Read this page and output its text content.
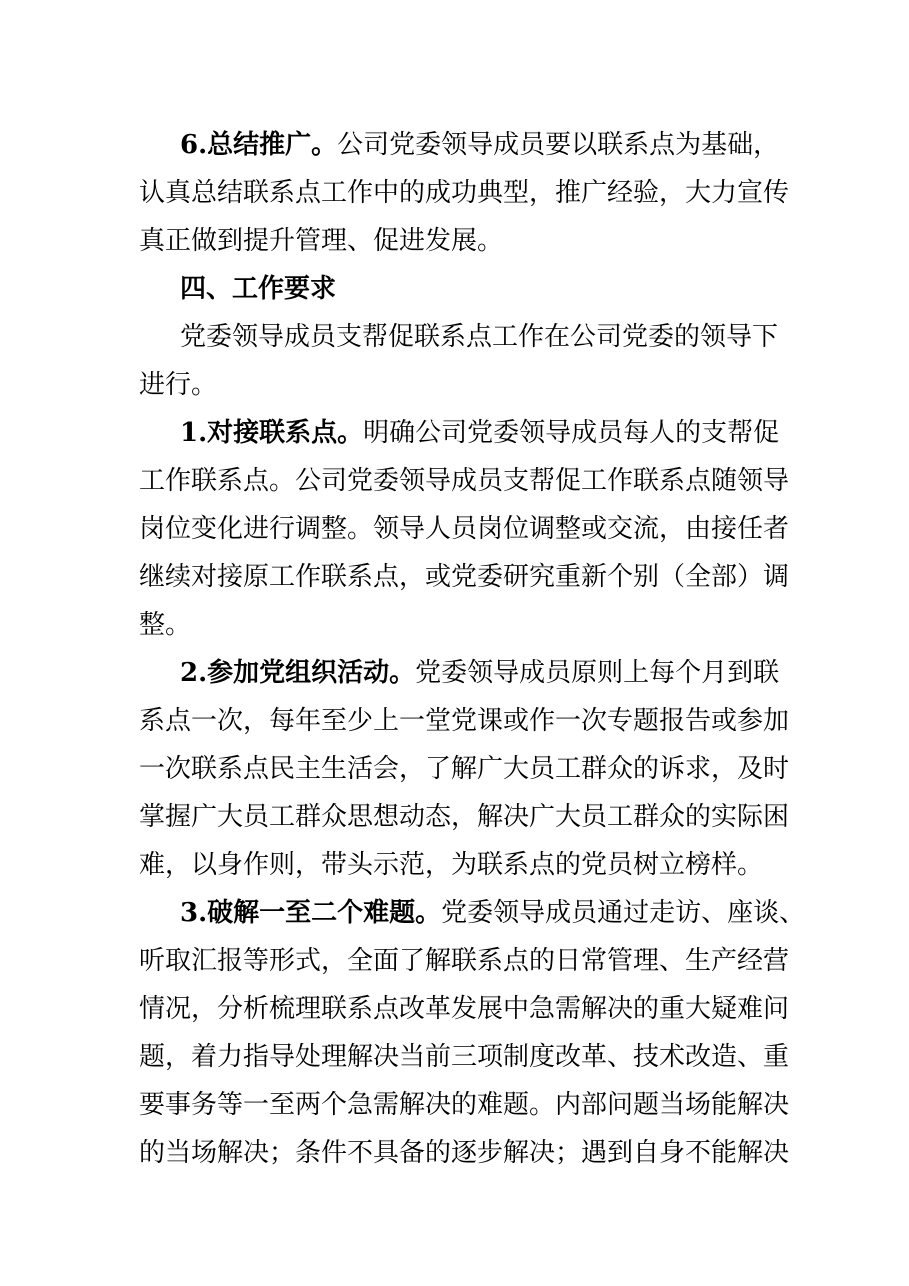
6.总结推广。公司党委领导成员要以联系点为基础，

认真总结联系点工作中的成功典型，推广经验，大力宣传

真正做到提升管理、促进发展。

四、工作要求

党委领导成员支帮促联系点工作在公司党委的领导下

进行。

1.对接联系点。明确公司党委领导成员每人的支帮促

工作联系点。公司党委领导成员支帮促工作联系点随领导

岗位变化进行调整。领导人员岗位调整或交流，由接任者

继续对接原工作联系点，或党委研究重新个别（全部）调

整。

2.参加党组织活动。党委领导成员原则上每个月到联

系点一次，每年至少上一堂党课或作一次专题报告或参加

一次联系点民主生活会，了解广大员工群众的诉求，及时

掌握广大员工群众思想动态，解决广大员工群众的实际困

难，以身作则，带头示范，为联系点的党员树立榜样。

3.破解一至二个难题。党委领导成员通过走访、座谈、

听取汇报等形式，全面了解联系点的日常管理、生产经营

情况，分析梳理联系点改革发展中急需解决的重大疑难问

题，着力指导处理解决当前三项制度改革、技术改造、重

要事务等一至两个急需解决的难题。内部问题当场能解决

的当场解决；条件不具备的逐步解决；遇到自身不能解决
